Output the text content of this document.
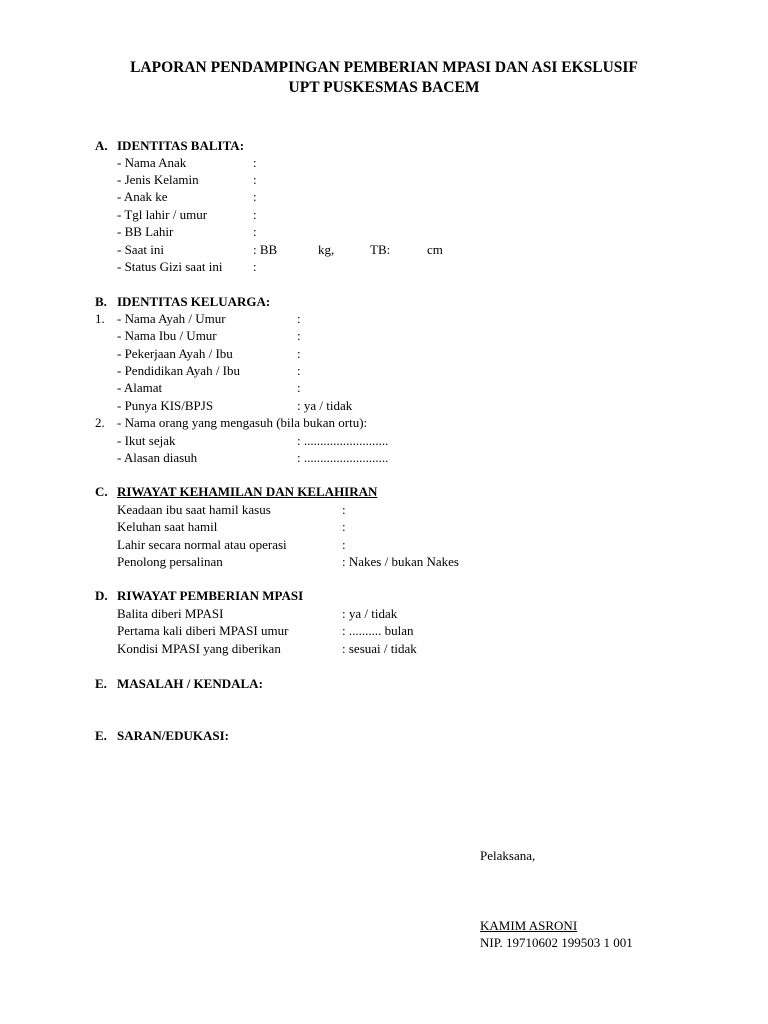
LAPORAN PENDAMPINGAN PEMBERIAN MPASI DAN ASI EKSLUSIF
UPT PUSKESMAS BACEM
A. IDENTITAS BALITA:
- Nama Anak	:
- Jenis Kelamin	:
- Anak ke	:
- Tgl lahir / umur	:
- BB Lahir	:
- Saat ini	: BB	kg,	TB:	cm
- Status Gizi saat ini :
B. IDENTITAS KELUARGA:
1. - Nama Ayah / Umur	:
- Nama Ibu / Umur	:
- Pekerjaan Ayah / Ibu	:
- Pendidikan Ayah / Ibu	:
- Alamat	:
- Punya KIS/BPJS	: ya / tidak
2. - Nama orang yang mengasuh (bila bukan ortu):
- Ikut sejak	: ..........................
- Alasan diasuh	: ..........................
C. RIWAYAT KEHAMILAN DAN KELAHIRAN
Keadaan ibu saat hamil kasus	:
Keluhan saat hamil	:
Lahir secara normal atau operasi	:
Penolong persalinan	: Nakes / bukan Nakes
D. RIWAYAT PEMBERIAN MPASI
Balita diberi MPASI	: ya / tidak
Pertama kali diberi MPASI umur	: .......... bulan
Kondisi MPASI yang diberikan	: sesuai / tidak
E. MASALAH / KENDALA:
E. SARAN/EDUKASI:
Pelaksana,
KAMIM ASRONI
NIP. 19710602 199503 1 001
